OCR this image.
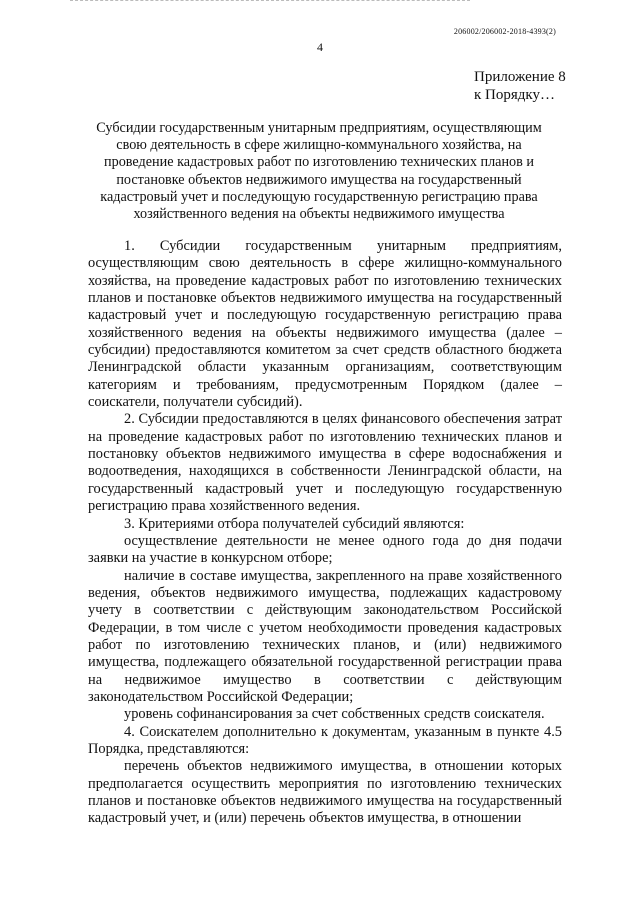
206002/206002-2018-4393(2)
4
Приложение 8
к Порядку…
Субсидии государственным унитарным предприятиям, осуществляющим свою деятельность в сфере жилищно-коммунального хозяйства, на проведение кадастровых работ по изготовлению технических планов и постановке объектов недвижимого имущества на государственный кадастровый учет и последующую государственную регистрацию права хозяйственного ведения на объекты недвижимого имущества

1. Субсидии государственным унитарным предприятиям, осуществляющим свою деятельность в сфере жилищно-коммунального хозяйства, на проведение кадастровых работ по изготовлению технических планов и постановке объектов недвижимого имущества на государственный кадастровый учет и последующую государственную регистрацию права хозяйственного ведения на объекты недвижимого имущества (далее – субсидии) предоставляются комитетом за счет средств областного бюджета Ленинградской области указанным организациям, соответствующим категориям и требованиям, предусмотренным Порядком (далее – соискатели, получатели субсидий).

2. Субсидии предоставляются в целях финансового обеспечения затрат на проведение кадастровых работ по изготовлению технических планов и постановку объектов недвижимого имущества в сфере водоснабжения и водоотведения, находящихся в собственности Ленинградской области, на государственный кадастровый учет и последующую государственную регистрацию права хозяйственного ведения.

3. Критериями отбора получателей субсидий являются:

осуществление деятельности не менее одного года до дня подачи заявки на участие в конкурсном отборе;

наличие в составе имущества, закрепленного на праве хозяйственного ведения, объектов недвижимого имущества, подлежащих кадастровому учету в соответствии с действующим законодательством Российской Федерации, в том числе с учетом необходимости проведения кадастровых работ по изготовлению технических планов, и (или) недвижимого имущества, подлежащего обязательной государственной регистрации права на недвижимое имущество в соответствии с действующим законодательством Российской Федерации;

уровень софинансирования за счет собственных средств соискателя.

4. Соискателем дополнительно к документам, указанным в пункте 4.5 Порядка, представляются:

перечень объектов недвижимого имущества, в отношении которых предполагается осуществить мероприятия по изготовлению технических планов и постановке объектов недвижимого имущества на государственный кадастровый учет, и (или) перечень объектов имущества, в отношении
